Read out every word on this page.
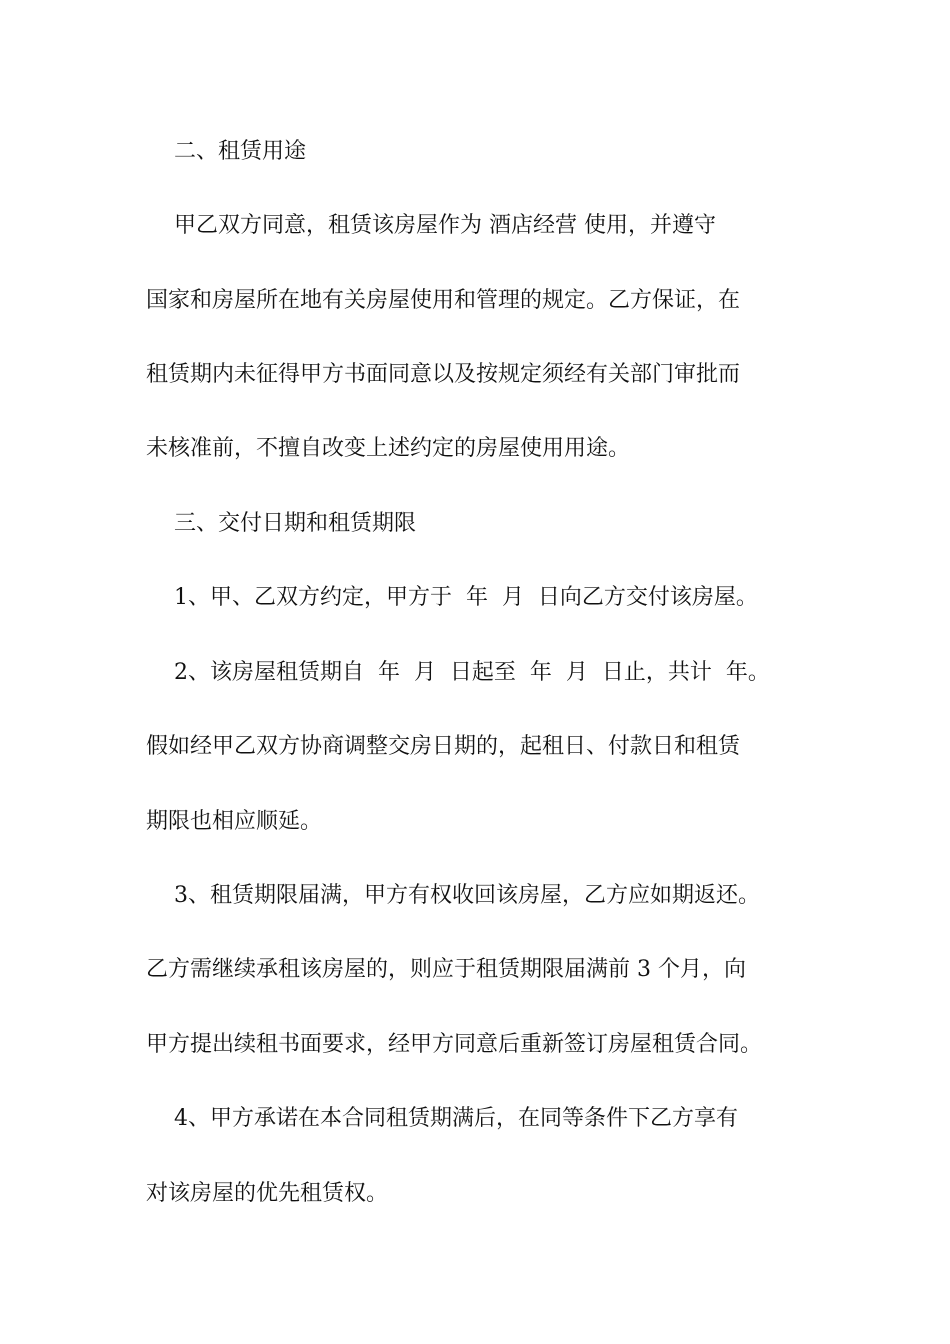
二、租赁用途

甲乙双方同意，租赁该房屋作为 酒店经营 使用，并遵守

国家和房屋所在地有关房屋使用和管理的规定。乙方保证，在

租赁期内未征得甲方书面同意以及按规定须经有关部门审批而

未核准前，不擅自改变上述约定的房屋使用用途。

三、交付日期和租赁期限

1、甲、乙双方约定，甲方于  年  月  日向乙方交付该房屋。

2、该房屋租赁期自  年  月  日起至  年  月  日止，共计  年。

假如经甲乙双方协商调整交房日期的，起租日、付款日和租赁

期限也相应顺延。

3、租赁期限届满，甲方有权收回该房屋，乙方应如期返还。

乙方需继续承租该房屋的，则应于租赁期限届满前 3 个月，向

甲方提出续租书面要求，经甲方同意后重新签订房屋租赁合同。

4、甲方承诺在本合同租赁期满后，在同等条件下乙方享有

对该房屋的优先租赁权。
